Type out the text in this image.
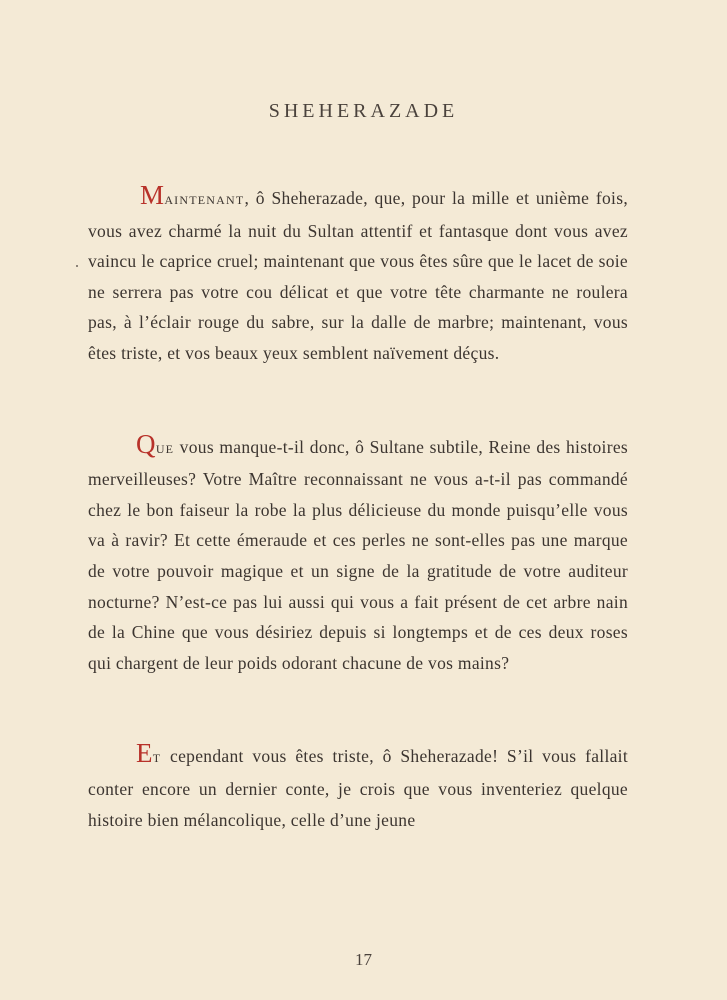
SHEHERAZADE

MAINTENANT, ô Sheherazade, que, pour la mille et unième fois, vous avez charmé la nuit du Sultan attentif et fantasque dont vous avez vaincu le caprice cruel; maintenant que vous êtes sûre que le lacet de soie ne serrera pas votre cou délicat et que votre tête charmante ne roulera pas, à l’éclair rouge du sabre, sur la dalle de marbre; maintenant, vous êtes triste, et vos beaux yeux semblent naïvement déçus.

QUE vous manque-t-il donc, ô Sultane subtile, Reine des histoires merveilleuses? Votre Maître reconnaissant ne vous a-t-il pas commandé chez le bon faiseur la robe la plus délicieuse du monde puisqu’elle vous va à ravir? Et cette émeraude et ces perles ne sont-elles pas une marque de votre pouvoir magique et un signe de la gratitude de votre auditeur nocturne? N’est-ce pas lui aussi qui vous a fait présent de cet arbre nain de la Chine que vous désiriez depuis si longtemps et de ces deux roses qui chargent de leur poids odorant chacune de vos mains?

ET cependant vous êtes triste, ô Sheherazade! S’il vous fallait conter encore un dernier conte, je crois que vous inventeriez quelque histoire bien mélancolique, celle d’une jeune

17
